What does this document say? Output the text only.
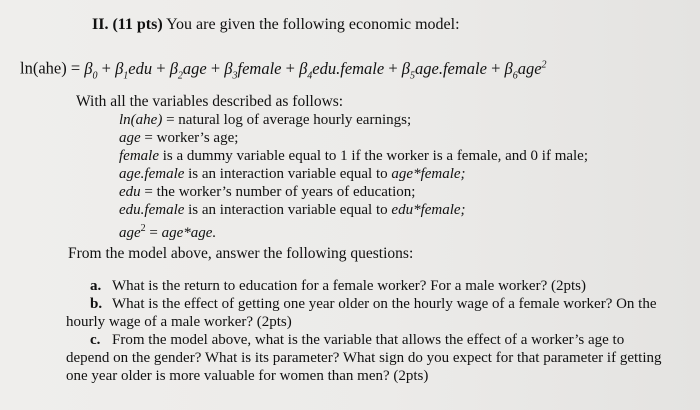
II. (11 pts) You are given the following economic model:
$\ln(ahe) = \beta_0 + \beta_1edu + \beta_2age$ + $\beta_3female$ + $\beta_4edu.female$ + $\beta_5age.female + \beta_6age^2$
With all the variables described as follows:
ln(ahe) = natural log of average hourly earnings;
age = worker’s age;
female is a dummy variable equal to 1 if the worker is a female, and 0 if male;
age.female is an interaction variable equal to age*female;
edu = the worker’s number of years of education;
edu.female is an interaction variable equal to edu*female;
age$^2$ = age*age.
From the model above, answer the following questions:
a. What is the return to education for a female worker? For a male worker? (2pts)
b. What is the effect of getting one year older on the hourly wage of a female worker? On the
hourly wage of a male worker? (2pts)
c. From the model above, what is the variable that allows the effect of a worker’s age to
depend on the gender? What is its parameter? What sign do you expect for that parameter if getting
one year older is more valuable for women than men? (2pts)
